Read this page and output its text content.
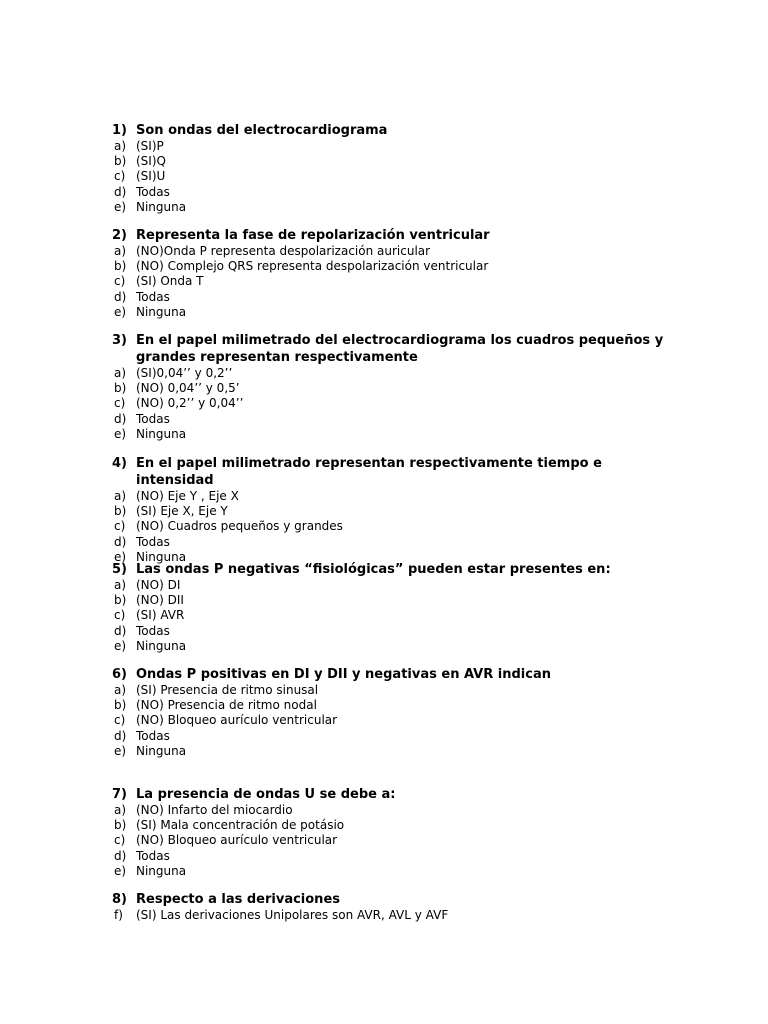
1) Son ondas del electrocardiograma
a) (SI)P
b) (SI)Q
c) (SI)U
d) Todas
e) Ninguna
2) Representa la fase de repolarización ventricular
a) (NO)Onda P representa despolarización auricular
b) (NO) Complejo QRS representa despolarización ventricular
c) (SI) Onda T
d) Todas
e) Ninguna
3) En el papel milimetrado del electrocardiograma los cuadros pequeños y grandes representan respectivamente
a) (SI)0,04’’ y 0,2’’
b) (NO) 0,04’’ y 0,5’
c) (NO) 0,2’’ y 0,04’’
d) Todas
e) Ninguna
4) En el papel milimetrado representan respectivamente tiempo e intensidad
a) (NO) Eje Y , Eje X
b) (SI) Eje X, Eje Y
c) (NO) Cuadros pequeños y grandes
d) Todas
e) Ninguna
5) Las ondas P negativas “fisiológicas” pueden estar presentes en:
a) (NO) DI
b) (NO) DII
c) (SI) AVR
d) Todas
e) Ninguna
6) Ondas P positivas en DI y DII y negativas en AVR indican
a) (SI) Presencia de ritmo sinusal
b) (NO) Presencia de ritmo nodal
c) (NO) Bloqueo aurículo ventricular
d) Todas
e) Ninguna
7) La presencia de ondas U se debe a:
a) (NO) Infarto del miocardio
b) (SI) Mala concentración de potásio
c) (NO) Bloqueo aurículo ventricular
d) Todas
e) Ninguna
8) Respecto a las derivaciones
f)	(SI) Las derivaciones Unipolares son AVR, AVL y AVF
